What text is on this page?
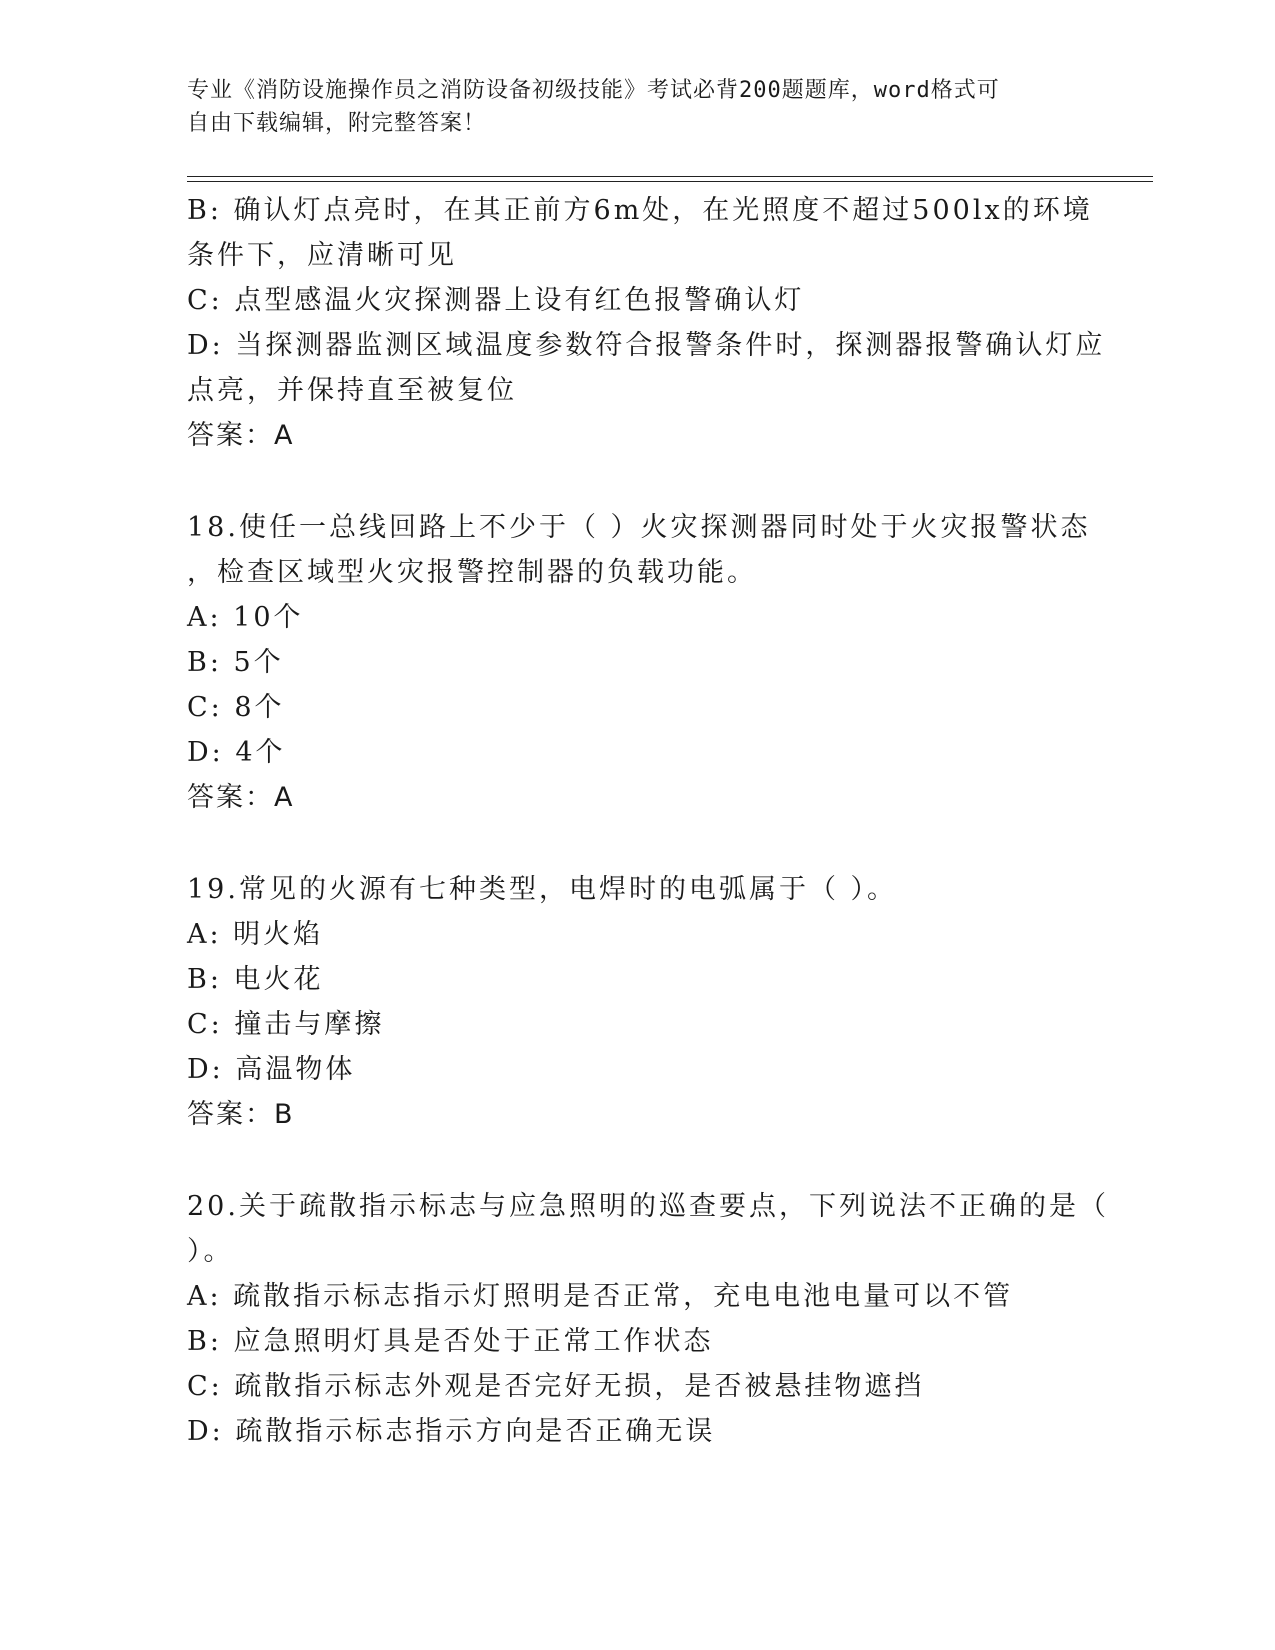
专业《消防设施操作员之消防设备初级技能》考试必背200题题库，word格式可
自由下载编辑，附完整答案！
B: 确认灯点亮时，在其正前方6m处，在光照度不超过500lx的环境
条件下，应清晰可见
C: 点型感温火灾探测器上设有红色报警确认灯
D: 当探测器监测区域温度参数符合报警条件时，探测器报警确认灯应
点亮，并保持直至被复位
答案：A
18.使任一总线回路上不少于（ ）火灾探测器同时处于火灾报警状态
，检查区域型火灾报警控制器的负载功能。
A: 10个
B: 5个
C: 8个
D: 4个
答案：A
19.常见的火源有七种类型，电焊时的电弧属于（ ）。
A: 明火焰
B: 电火花
C: 撞击与摩擦
D: 高温物体
答案：B
20.关于疏散指示标志与应急照明的巡查要点，下列说法不正确的是（
）。
A: 疏散指示标志指示灯照明是否正常，充电电池电量可以不管
B: 应急照明灯具是否处于正常工作状态
C: 疏散指示标志外观是否完好无损，是否被悬挂物遮挡
D: 疏散指示标志指示方向是否正确无误
